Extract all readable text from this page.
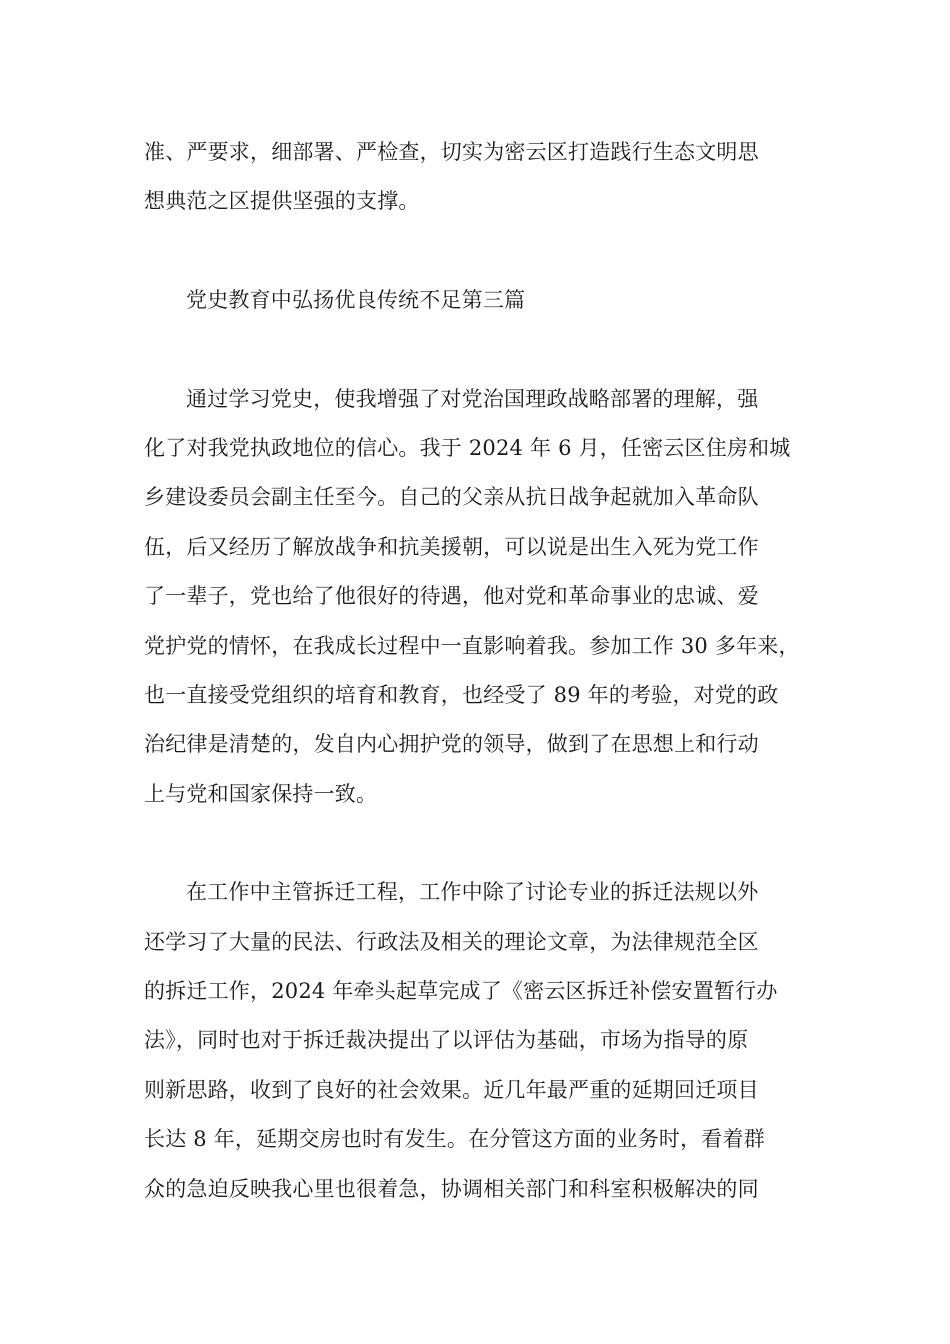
准、严要求，细部署、严检查，切实为密云区打造践行生态文明思
想典范之区提供坚强的支撑。
党史教育中弘扬优良传统不足第三篇
通过学习党史，使我增强了对党治国理政战略部署的理解，强
化了对我党执政地位的信心。我于 2024 年 6 月，任密云区住房和城
乡建设委员会副主任至今。自己的父亲从抗日战争起就加入革命队
伍，后又经历了解放战争和抗美援朝，可以说是出生入死为党工作
了一辈子，党也给了他很好的待遇，他对党和革命事业的忠诚、爱
党护党的情怀，在我成长过程中一直影响着我。参加工作 30 多年来，
也一直接受党组织的培育和教育，也经受了 89 年的考验，对党的政
治纪律是清楚的，发自内心拥护党的领导，做到了在思想上和行动
上与党和国家保持一致。
在工作中主管拆迁工程，工作中除了讨论专业的拆迁法规以外
还学习了大量的民法、行政法及相关的理论文章，为法律规范全区
的拆迁工作，2024 年牵头起草完成了《密云区拆迁补偿安置暂行办
法》，同时也对于拆迁裁决提出了以评估为基础，市场为指导的原
则新思路，收到了良好的社会效果。近几年最严重的延期回迁项目
长达 8 年，延期交房也时有发生。在分管这方面的业务时，看着群
众的急迫反映我心里也很着急，协调相关部门和科室积极解决的同
